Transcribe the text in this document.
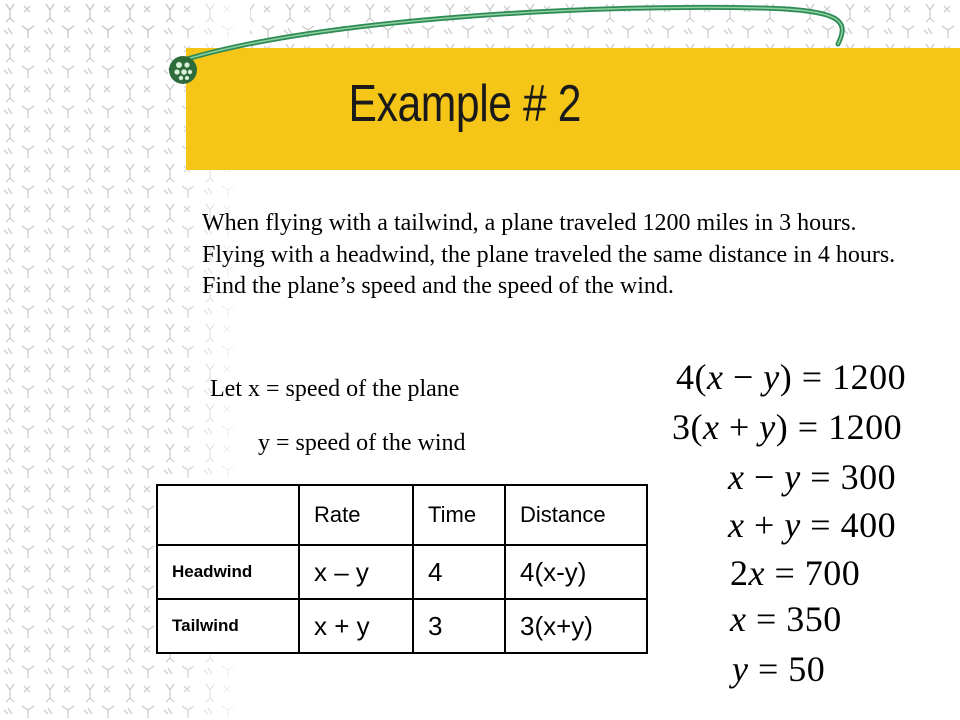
Example # 2

When flying with a tailwind, a plane traveled 1200 miles in 3 hours. Flying with a headwind, the plane traveled the same distance in 4 hours. Find the plane’s speed and the speed of the wind.

Let x = speed of the plane
y = speed of the wind
	Rate	Time	Distance
Headwind	x – y	4	4(x-y)
Tailwind	x + y	3	3(x+y)
4(x − y) = 1200
3(x + y) = 1200
x − y = 300
x + y = 400
2x = 700
x = 350
y = 50
